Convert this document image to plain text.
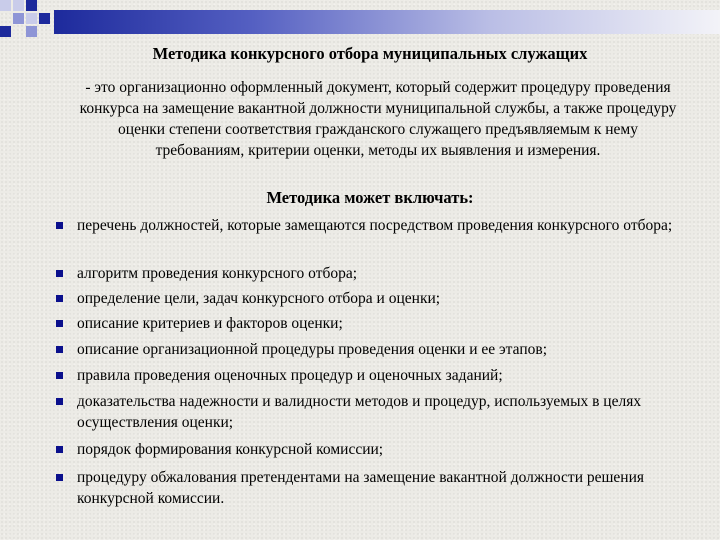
Методика конкурсного отбора муниципальных служащих
- это организационно оформленный документ, который содержит процедуру проведения конкурса на замещение вакантной должности муниципальной службы, а также процедуру оценки степени соответствия гражданского служащего предъявляемым к нему требованиям, критерии оценки, методы их выявления и измерения.
Методика может включать:
перечень должностей, которые замещаются посредством проведения конкурсного отбора;
алгоритм проведения конкурсного отбора;
определение цели, задач конкурсного отбора и оценки;
описание критериев и факторов оценки;
описание организационной процедуры проведения оценки и ее этапов;
правила проведения оценочных процедур и оценочных заданий;
доказательства надежности и валидности методов и процедур, используемых в целях осуществления оценки;
порядок формирования конкурсной комиссии;
процедуру обжалования претендентами на замещение вакантной должности решения конкурсной комиссии.
